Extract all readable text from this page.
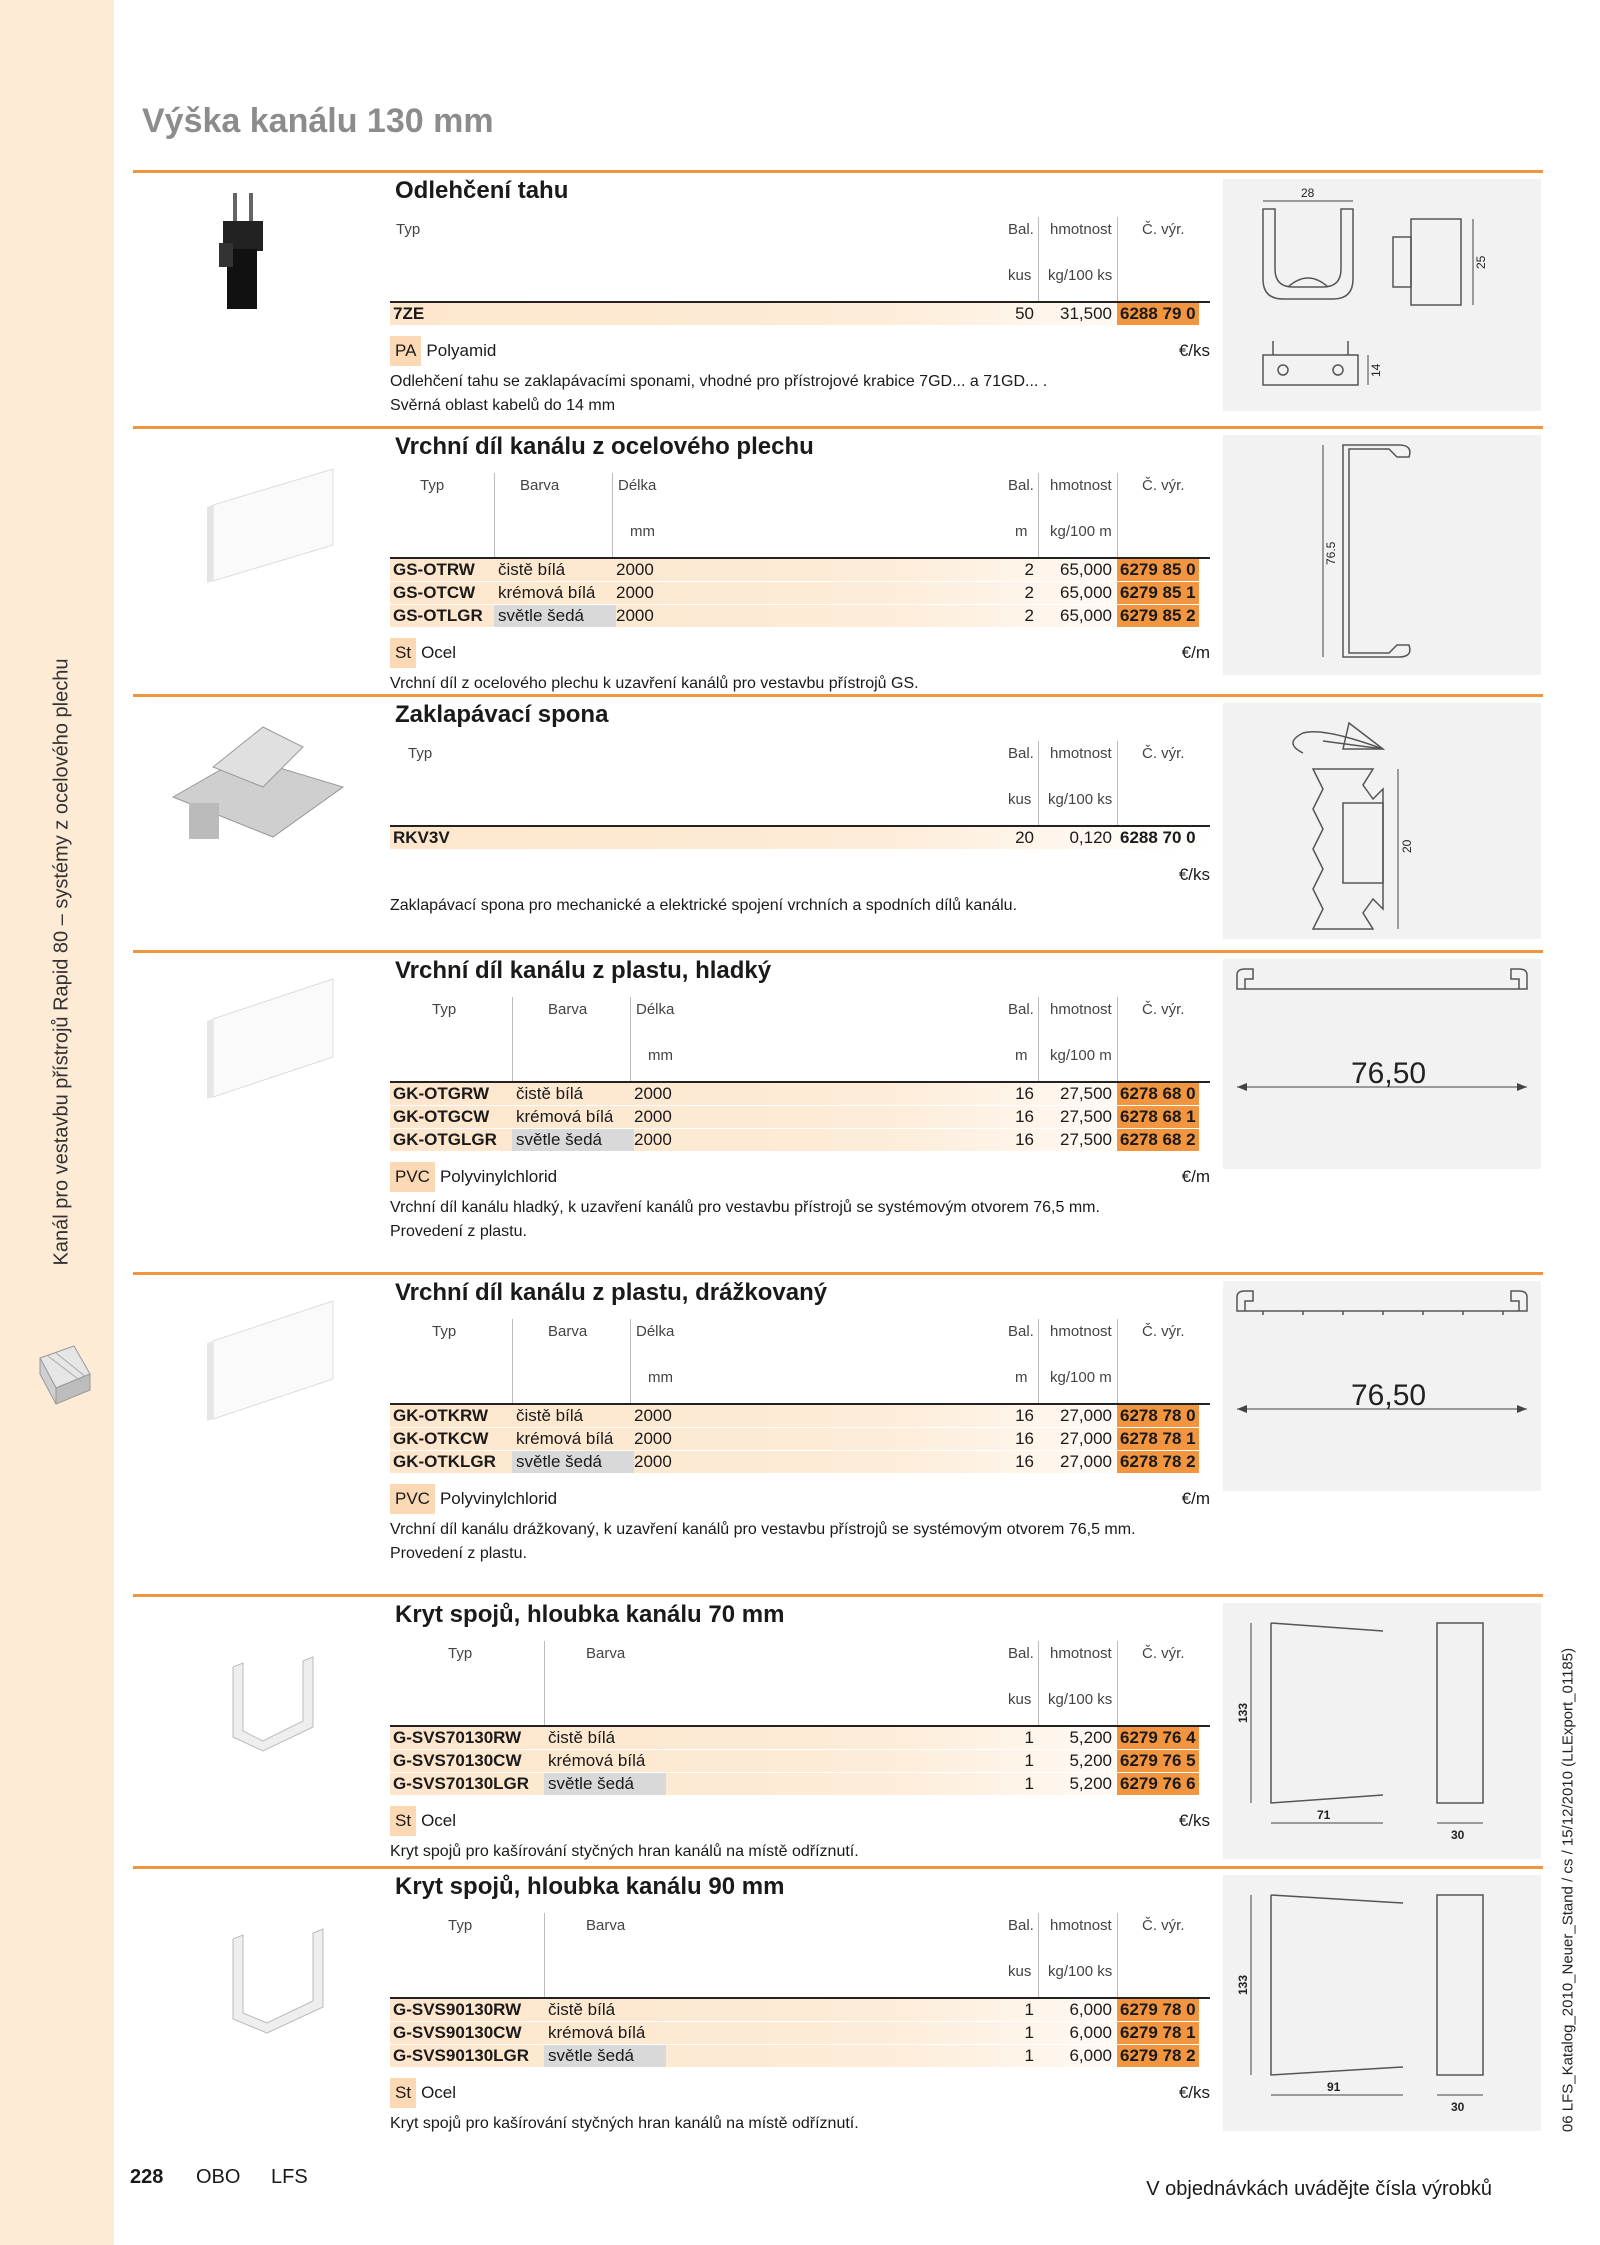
Kanál pro vestavbu přístrojů Rapid 80 – systémy z ocelového plechu
Výška kanálu 130 mm
Odlehčení tahu
Typ	Bal. hmotnost Č. výr.
kus kg/100 ks
7ZE	50	31,500 6288 79 0
PA Polyamid	€/ks
Odlehčení tahu se zaklapávacími sponami, vhodné pro přístrojové krabice 7GD... a 71GD... .
Svěrná oblast kabelů do 14 mm
28
25
14
Vrchní díl kanálu z ocelového plechu
Typ	Barva	Délka	Bal. hmotnost Č. výr.
mm	m kg/100 m
GS-OTRW čistě bílá	2000	2	65,000 6279 85 0
GS-OTCW krémová bílá 2000	2	65,000 6279 85 1
GS-OTLGR světle šedá	2000	2	65,000 6279 85 2
St Ocel	€/m
Vrchní díl z ocelového plechu k uzavření kanálů pro vestavbu přístrojů GS.
76.5
Zaklapávací spona
Typ	Bal. hmotnost Č. výr.
kus kg/100 ks
RKV3V	20	0,120 6288 70 0
€/ks
Zaklapávací spona pro mechanické a elektrické spojení vrchních a spodních dílů kanálu.
20
Vrchní díl kanálu z plastu, hladký
Typ	Barva	Délka	Bal. hmotnost Č. výr.
mm	m kg/100 m
GK-OTGRW čistě bílá	2000	16	27,500 6278 68 0
GK-OTGCW krémová bílá 2000	16	27,500 6278 68 1
GK-OTGLGR světle šedá	2000	16	27,500 6278 68 2
PVC Polyvinylchlorid	€/m
Vrchní díl kanálu hladký, k uzavření kanálů pro vestavbu přístrojů se systémovým otvorem 76,5 mm.
Provedení z plastu.
76,50
Vrchní díl kanálu z plastu, drážkovaný
Typ	Barva	Délka	Bal. hmotnost Č. výr.
mm	m kg/100 m
GK-OTKRW čistě bílá	2000	16	27,000 6278 78 0
GK-OTKCW krémová bílá 2000	16	27,000 6278 78 1
GK-OTKLGR světle šedá	2000	16	27,000 6278 78 2
PVC Polyvinylchlorid	€/m
Vrchní díl kanálu drážkovaný, k uzavření kanálů pro vestavbu přístrojů se systémovým otvorem 76,5 mm.
Provedení z plastu.
76,50
Kryt spojů, hloubka kanálu 70 mm
Typ	Barva	Bal. hmotnost Č. výr.
kus kg/100 ks
G-SVS70130RW čistě bílá	1	5,200 6279 76 4
G-SVS70130CW krémová bílá	1	5,200 6279 76 5
G-SVS70130LGR světle šedá	1	5,200 6279 76 6
St Ocel	€/ks
Kryt spojů pro kašírování styčných hran kanálů na místě odříznutí.
133
71
30
Kryt spojů, hloubka kanálu 90 mm
Typ	Barva	Bal. hmotnost Č. výr.
kus kg/100 ks
G-SVS90130RW čistě bílá	1	6,000 6279 78 0
G-SVS90130CW krémová bílá	1	6,000 6279 78 1
G-SVS90130LGR světle šedá	1	6,000 6279 78 2
St Ocel	€/ks
Kryt spojů pro kašírování styčných hran kanálů na místě odříznutí.
133
91
30	06 LFS_Katalog_2010_Neuer_Stand / cs / 15/12/2010 (LLExport_01185)
228 OBO LFS
V objednávkách uvádějte čísla výrobků
